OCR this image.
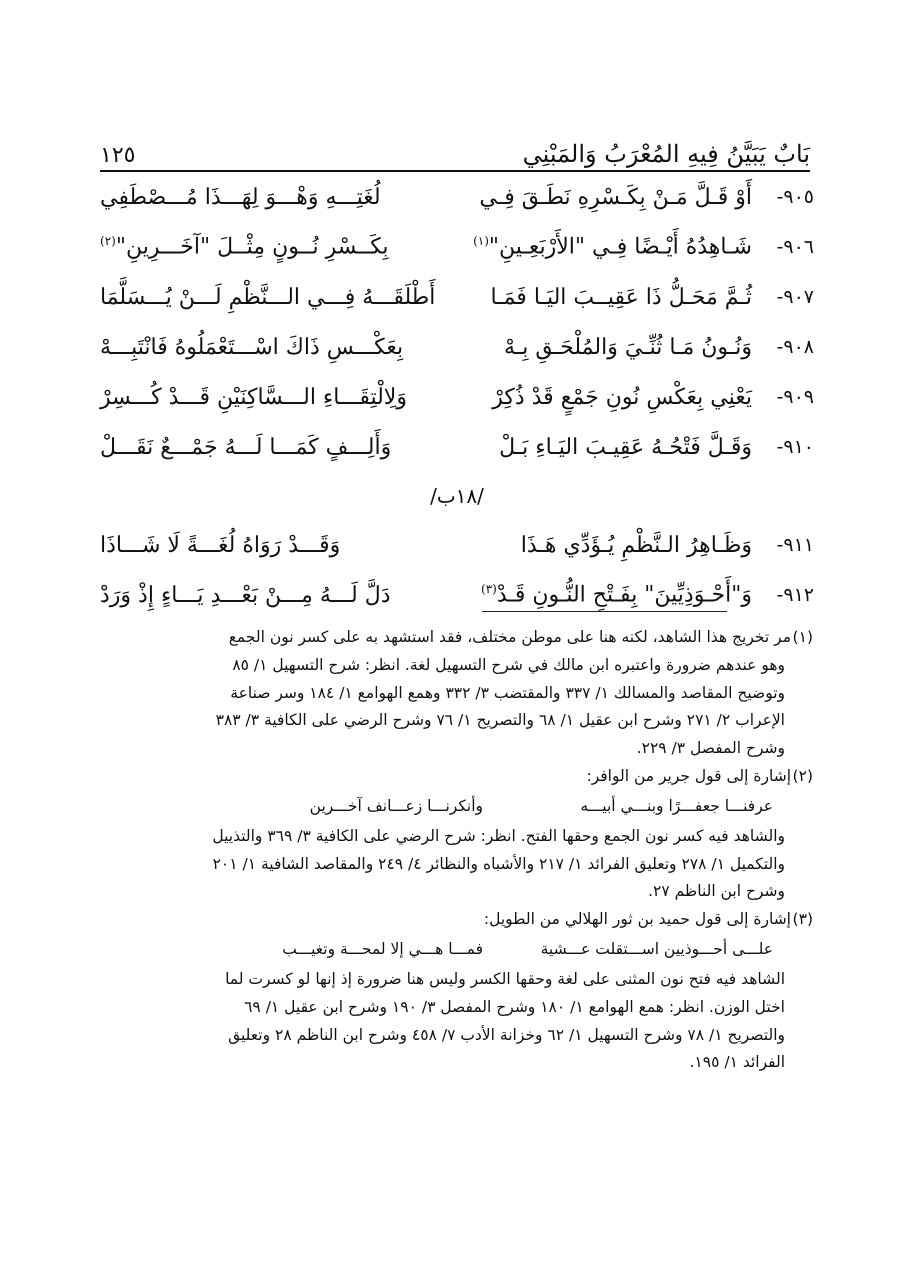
١٢٥	بَابٌ يَبَيَّنُ فِيهِ المُعْرَبُ وَالمَبْنِي
٩٠٥-
أَوْ قَـلَّ مَـنْ بِكَـسْرِهِ نَطَـقَ فِـي
لُغَتِـــهِ وَهْـــوَ لِهَـــذَا مُـــصْطَفِي
٩٠٦-
شَـاهِدُهُ أَيْـضًا فِـي "الأَرْبَعِـينِ"$^{(١)}$
بِكَــسْرِ نُــونٍ مِثْــلَ "آخَـــرِينِ"$^{(٢)}$
٩٠٧-
ثُـمَّ مَحَـلُّ ذَا عَقِيــبَ اليَـا فَمَـا
أَطْلَقَـــهُ فِـــي الـــنَّظْمِ لَـــنْ يُـــسَلَّمَا
٩٠٨-
وَنُـونُ مَـا ثُنِّـيَ وَالمُلْحَـقِ بِـهْ
بِعَكْـــسِ ذَاكَ اسْـــتَعْمَلُوهُ فَانْتَبِـــهْ
٩٠٩-
يَعْنِي بِعَكْسِ نُونِ جَمْعٍ قَدْ ذُكِرْ
وَلِالْتِقَـــاءِ الـــسَّاكِنَيْنِ قَـــدْ كُـــسِرْ
٩١٠-
وَقَـلَّ فَتْحُـهُ عَقِيـبَ اليَـاءِ بَـلْ
وَأَلِـــفٍ كَمَـــا لَـــهُ جَمْـــعٌ نَقَـــلْ
/١٨ب/
٩١١-
وَظَـاهِرُ الـنَّظْمِ يُـؤَدِّي هَـذَا
وَقَـــدْ رَوَاهُ لُغَـــةً لَا شَـــاذَا
٩١٢-
وَ"أَحْـوَذِيِّينَ" بِفَـتْحِ النُّـونِ قَـدْ$^{(٣)}$
دَلَّ لَـــهُ مِـــنْ بَعْـــدِ يَـــاءٍ إِذْ وَرَدْ
(١)مر تخريج هذا الشاهد، لكنه هنا على موطن مختلف، فقد استشهد به على كسر نون الجمع
وهو عندهم ضرورة واعتبره ابن مالك في شرح التسهيل لغة. انظر: شرح التسهيل ١/ ٨٥
وتوضيح المقاصد والمسالك ١/ ٣٣٧ والمقتضب ٣/ ٣٣٢ وهمع الهوامع ١/ ١٨٤ وسر صناعة
الإعراب ٢/ ٢٧١ وشرح ابن عقيل ١/ ٦٨ والتصريح ١/ ٧٦ وشرح الرضي على الكافية ٣/ ٣٨٣
وشرح المفصل ٣/ ٢٢٩.
(٢)إشارة إلى قول جرير من الوافر:
عرفنـــا جعفـــرًا وبنـــي أبيـــه
وأنكرنـــا زعـــانف آخـــرين
والشاهد فيه كسر نون الجمع وحقها الفتح. انظر: شرح الرضي على الكافية ٣/ ٣٦٩ والتذييل
والتكميل ١/ ٢٧٨ وتعليق الفرائد ١/ ٢١٧ والأشباه والنظائر ٤/ ٢٤٩ والمقاصد الشافية ١/ ٢٠١
وشرح ابن الناظم ٢٧.
(٣)إشارة إلى قول حميد بن ثور الهلالي من الطويل:
علـــى أحـــوذيين اســـتقلت عـــشية
فمـــا هـــي إلا لمحـــة وتغيـــب
الشاهد فيه فتح نون المثنى على لغة وحقها الكسر وليس هنا ضرورة إذ إنها لو كسرت لما
اختل الوزن. انظر: همع الهوامع ١/ ١٨٠ وشرح المفصل ٣/ ١٩٠ وشرح ابن عقيل ١/ ٦٩
والتصريح ١/ ٧٨ وشرح التسهيل ١/ ٦٢ وخزانة الأدب ٧/ ٤٥٨ وشرح ابن الناظم ٢٨ وتعليق
الفرائد ١/ ١٩٥.
